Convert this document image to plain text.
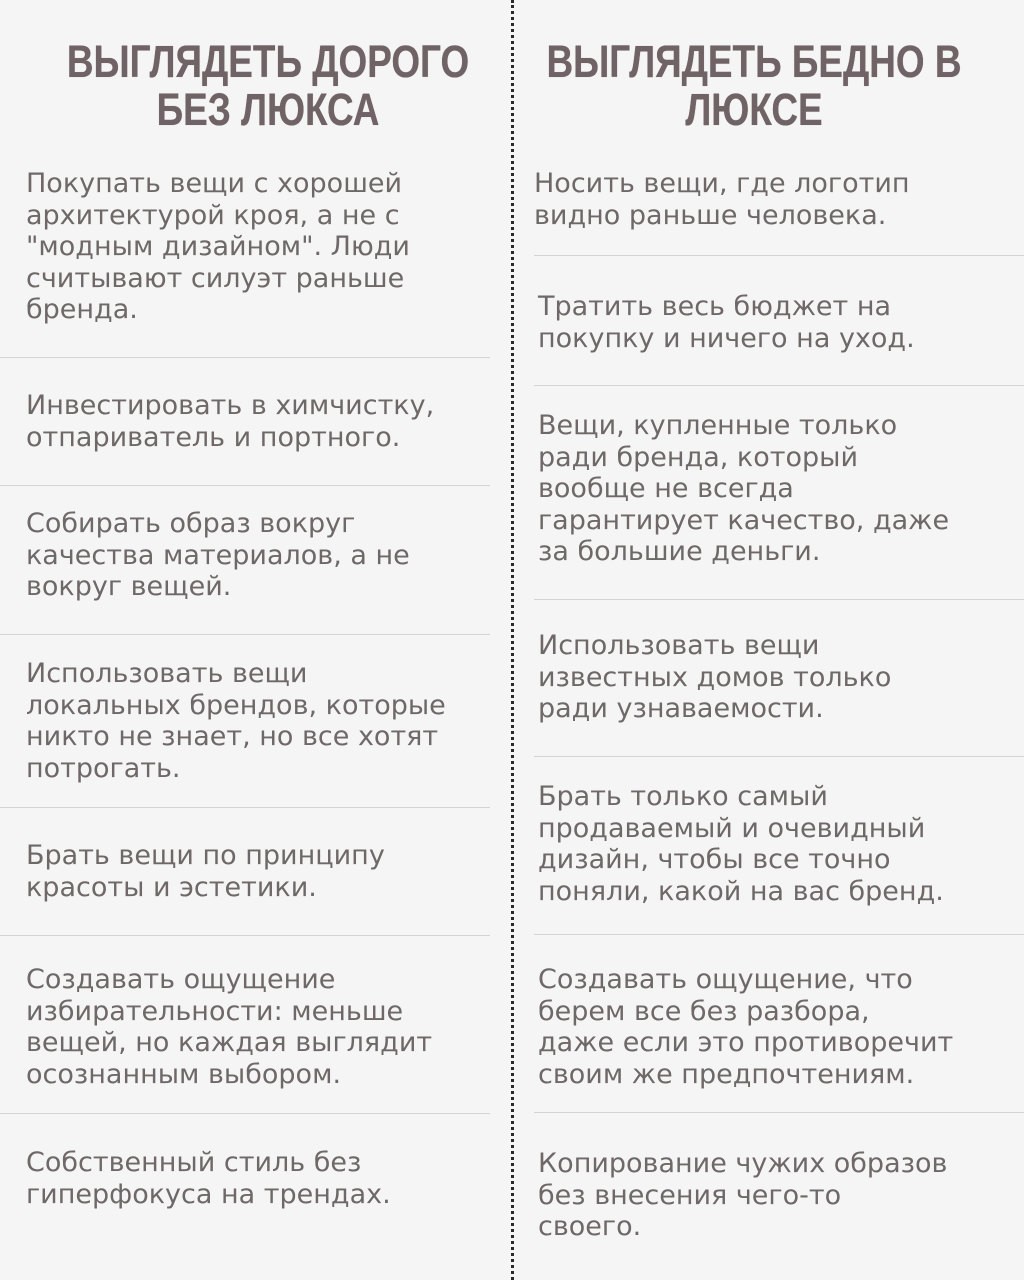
ВЫГЛЯДЕТЬ ДОРОГО БЕЗ ЛЮКСА
ВЫГЛЯДЕТЬ БЕДНО В ЛЮКСЕ
Покупать вещи с хорошей
архитектурой кроя, а не с
"модным дизайном". Люди
считывают силуэт раньше
бренда.
Инвестировать в химчистку,
отпариватель и портного.
Собирать образ вокруг
качества материалов, а не
вокруг вещей.
Использовать вещи
локальных брендов, которые
никто не знает, но все хотят
потрогать.
Брать вещи по принципу
красоты и эстетики.
Создавать ощущение
избирательности: меньше
вещей, но каждая выглядит
осознанным выбором.
Собственный стиль без
гиперфокуса на трендах.
Носить вещи, где логотип
видно раньше человека.
Тратить весь бюджет на
покупку и ничего на уход.
Вещи, купленные только
ради бренда, который
вообще не всегда
гарантирует качество, даже
за большие деньги.
Использовать вещи
известных домов только
ради узнаваемости.
Брать только самый
продаваемый и очевидный
дизайн, чтобы все точно
поняли, какой на вас бренд.
Создавать ощущение, что
берем все без разбора,
даже если это противоречит
своим же предпочтениям.
Копирование чужих образов
без внесения чего-то
своего.
